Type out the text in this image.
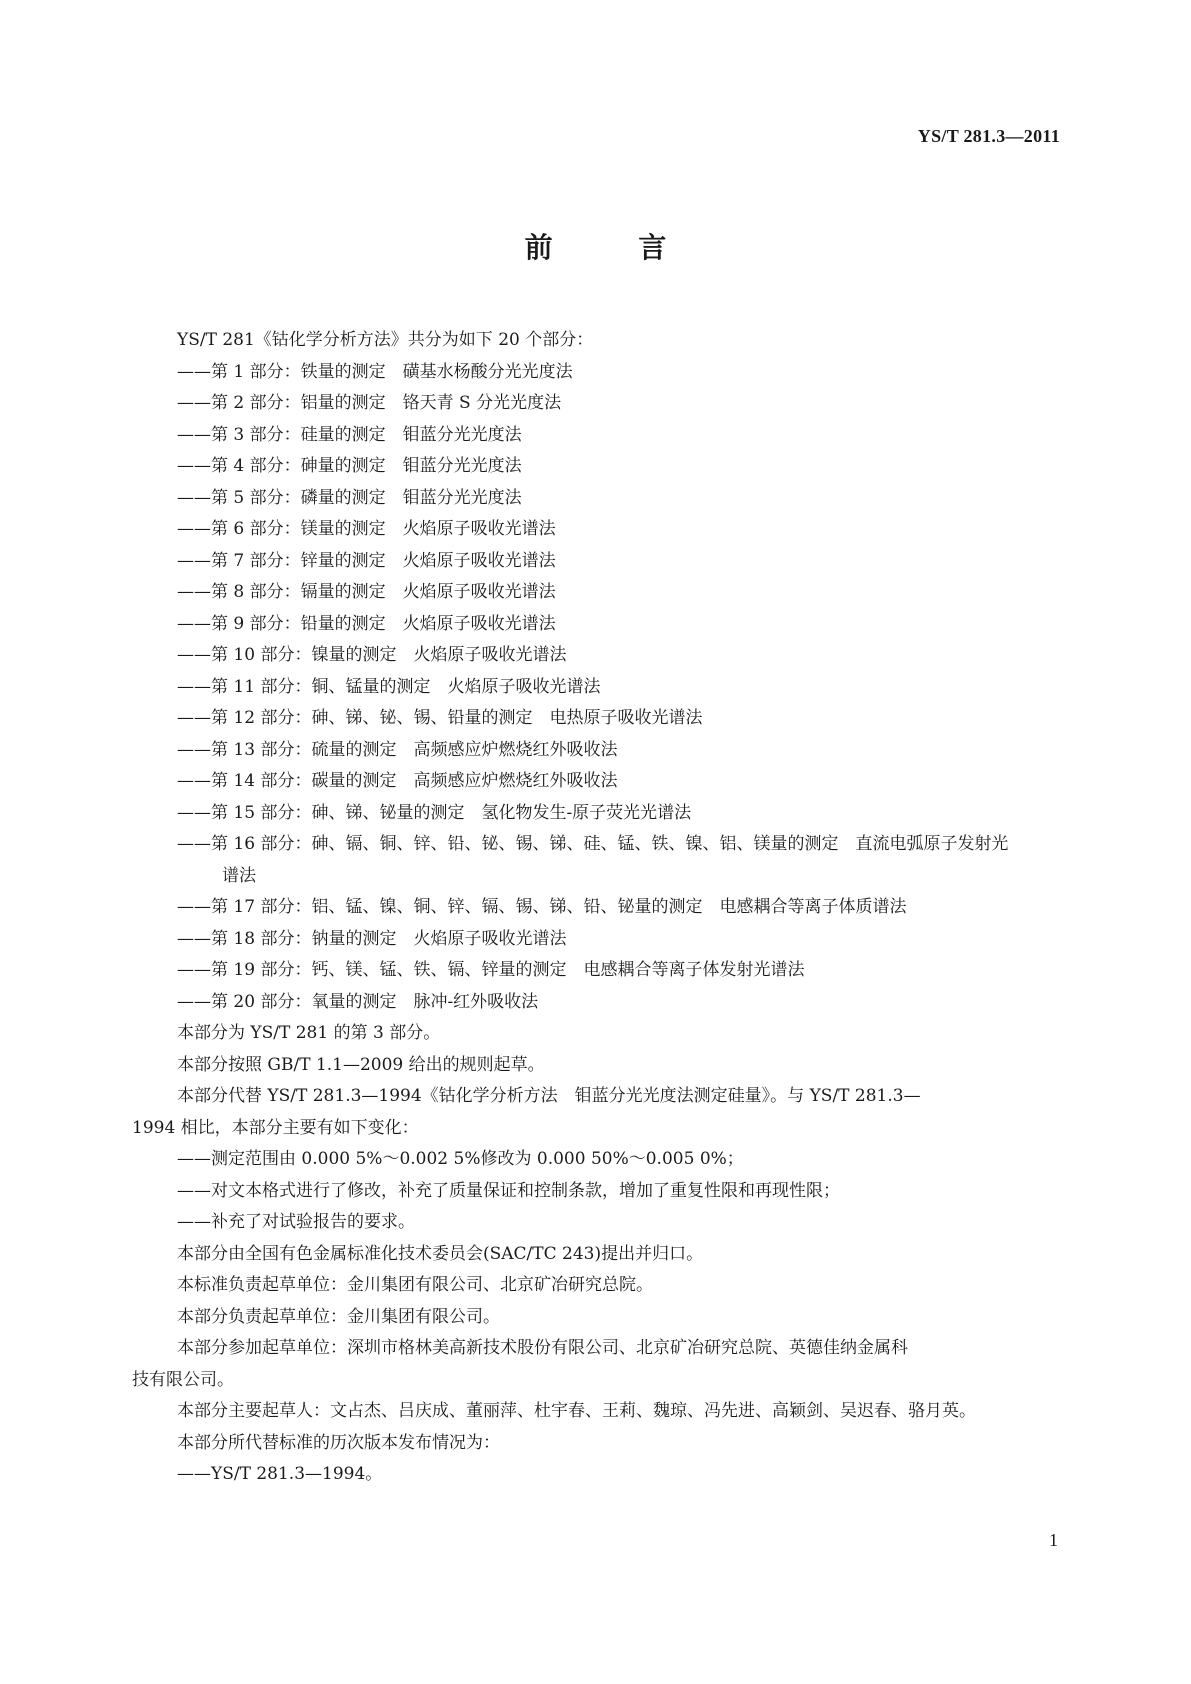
YS/T 281.3—2011
前 言
YS/T 281《钴化学分析方法》共分为如下 20 个部分：
——第 1 部分：铁量的测定　磺基水杨酸分光光度法
——第 2 部分：铝量的测定　铬天青 S 分光光度法
——第 3 部分：硅量的测定　钼蓝分光光度法
——第 4 部分：砷量的测定　钼蓝分光光度法
——第 5 部分：磷量的测定　钼蓝分光光度法
——第 6 部分：镁量的测定　火焰原子吸收光谱法
——第 7 部分：锌量的测定　火焰原子吸收光谱法
——第 8 部分：镉量的测定　火焰原子吸收光谱法
——第 9 部分：铅量的测定　火焰原子吸收光谱法
——第 10 部分：镍量的测定　火焰原子吸收光谱法
——第 11 部分：铜、锰量的测定　火焰原子吸收光谱法
——第 12 部分：砷、锑、铋、锡、铅量的测定　电热原子吸收光谱法
——第 13 部分：硫量的测定　高频感应炉燃烧红外吸收法
——第 14 部分：碳量的测定　高频感应炉燃烧红外吸收法
——第 15 部分：砷、锑、铋量的测定　氢化物发生-原子荧光光谱法
——第 16 部分：砷、镉、铜、锌、铅、铋、锡、锑、硅、锰、铁、镍、铝、镁量的测定　直流电弧原子发射光
谱法
——第 17 部分：铝、锰、镍、铜、锌、镉、锡、锑、铅、铋量的测定　电感耦合等离子体质谱法
——第 18 部分：钠量的测定　火焰原子吸收光谱法
——第 19 部分：钙、镁、锰、铁、镉、锌量的测定　电感耦合等离子体发射光谱法
——第 20 部分：氧量的测定　脉冲-红外吸收法
本部分为 YS/T 281 的第 3 部分。
本部分按照 GB/T 1.1—2009 给出的规则起草。
本部分代替 YS/T 281.3—1994《钴化学分析方法　钼蓝分光光度法测定硅量》。与 YS/T 281.3—
1994 相比，本部分主要有如下变化：
——测定范围由 0.000 5%～0.002 5%修改为 0.000 50%～0.005 0%；
——对文本格式进行了修改，补充了质量保证和控制条款，增加了重复性限和再现性限；
——补充了对试验报告的要求。
本部分由全国有色金属标准化技术委员会(SAC/TC 243)提出并归口。
本标准负责起草单位：金川集团有限公司、北京矿冶研究总院。
本部分负责起草单位：金川集团有限公司。
本部分参加起草单位：深圳市格林美高新技术股份有限公司、北京矿冶研究总院、英德佳纳金属科
技有限公司。
本部分主要起草人：文占杰、吕庆成、董丽萍、杜宇春、王莉、魏琼、冯先进、高颖剑、吴迟春、骆月英。
本部分所代替标准的历次版本发布情况为：
——YS/T 281.3—1994。
1
